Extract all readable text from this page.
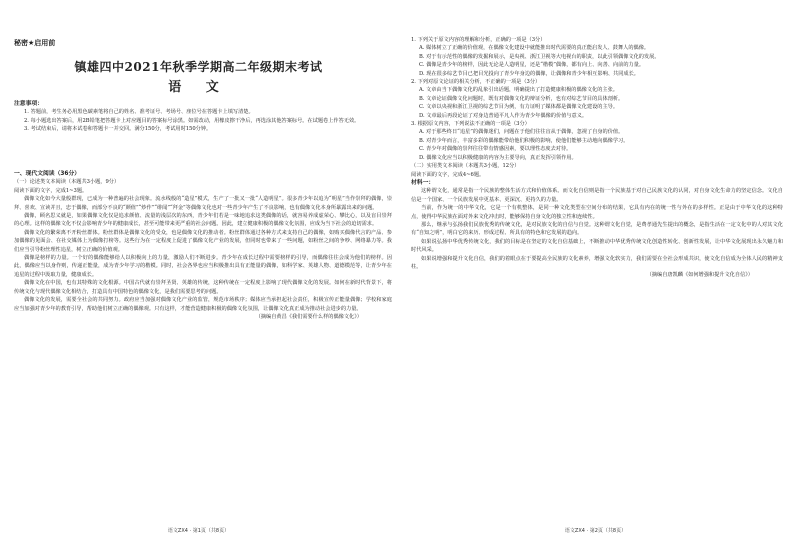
秘密★启用前
镇雄四中2021年秋季学期高二年级期末考试
语 文

注意事项：

1. 答题前，考生务必用黑色碳素笔将自己的姓名、准考证号、考场号、座位号在答题卡上填写清楚。

2. 每小题选出答案后，用2B铅笔把答题卡上对应题目的答案标号涂黑。如需改动，用橡皮擦干净后，再选涂其他答案标号。在试题卷上作答无效。

3. 考试结束后，请将本试卷和答题卡一并交回。满分150分，考试用时150分钟。

一、现代文阅读（36分）

（一）论述类文本阅读（本题共3小题，9分）

阅读下面的文字，完成1~3题。

偶像文化如今大量般群现，已成为一种普遍的社会现象。流水线般的“造星”模式，生产了一批又一批“人造明星”。很多青少年以追为“明星”当作崇拜的偶像，崇拜、喜欢、宣读并且，忠于偶像，而部分不良的“颜值”“炒作”“绯闻”“拜金”等偶像文化也对一些青少年产生了不良影响，也有偶像文化本身所暴露出来的问题。

偶像，顾名思义就是，如果偶像文化仅是追求颜值、流量的浅层次的东西，青少年们若是一味地追求这类偶像的话，就容易养成虚荣心、攀比心，以及盲目崇拜的心理。这样的偶像文化不仅会影响青少年的健康成长，甚至可能带来更严重的社会问题。因此，建立健康积极的偶像文化氛围，应成为当下社会的迫切需求。

偶像文化的繁荣离不开粉丝群体。粉丝群体是偶像文化的受众，也是偶像文化的推动者。粉丝群体通过各种方式来支持自己的偶像，如购买偶像代言的产品、参加偶像的见面会、在社交媒体上为偶像打榜等。这些行为在一定程度上促进了偶像文化产业的发展，但同时也带来了一些问题，如粉丝之间的争吵、网络暴力等。我们应当引导粉丝理性追星，树立正确的价值观。

偶像是榜样的力量。一个好的偶像能够给人以积极向上的力量，激励人们不断进步。青少年在成长过程中需要榜样的引导，而偶像往往会成为他们的榜样。因此，偶像应当以身作则，传递正能量，成为青少年学习的楷模。同时，社会各界也应当积极推出具有正能量的偶像，如科学家、英雄人物、道德模范等，让青少年在追星的过程中汲取力量，健康成长。

偶像文化在中国，也有其特殊的文化根源。中国古代就有崇拜圣贤、英雄的传统，这种传统在一定程度上影响了现代偶像文化的发展。如何在新时代背景下，将传统文化与现代偶像文化相结合，打造具有中国特色的偶像文化，是我们需要思考的问题。

偶像文化的发展，需要全社会的共同努力。政府应当加强对偶像文化产业的监管，规范市场秩序；媒体应当承担起社会责任，积极宣传正能量偶像；学校和家庭应当加强对青少年的教育引导，帮助他们树立正确的偶像观。只有这样，才能营造健康积极的偶像文化氛围，让偶像文化真正成为推动社会进步的力量。

（摘编自黄昌《我们需要什么样的偶像文化》）

语文ZX4 · 第1页（共8页）

1. 下列关于原文内容的理解和分析，正确的一项是（3分）

A. 媒体树立了正确的价值观，在偶像文化建设中就能推出时代需要的真正能启发人、鼓舞人的偶像。

B. 对于有示范性的偶像的发掘和展示，是央视、浙江卫视等大电视台的职责，以此引领偶像文化的发展。

C. 偶像是青少年的榜样，因此无论是人造明星，还是“楷模”偶像，都有向上、向善、向前的力量。

D. 现在很多综艺节目已把目光投向了青少年身边的偶像，让偶像和青少年相互影响、共同成长。

2. 下列对原文论证的相关分析，不正确的一项是（3分）

A. 文章由当下偶像文化的乱象引出话题，明确提出了打造健康积极的偶像文化的主张。

B. 文章论证偶像文化问题时，既有对偶像文化的辩证分析，也有对综艺节目的具体剖析。

C. 文章以央视和浙江卫视的综艺节目为例，有力证明了媒体都是偶像文化建设的主导。

D. 文章最后再段论证了对身边普通平凡人作为青少年偶像的价值与意义。

3. 根据原文内容，下列说法不正确的一项是（3分）

A. 对于那些终日“追星”的偶像迷们，问题在于他们往往盲从于偶像，忽视了自身的价值。

B. 对青少年而言，丰富多彩的偶像能带给他们积极的影响，使他们能够主动地向偶像学习。

C. 青少年对偶像的崇拜往往带有情感因素，要以理性态度去对待。

D. 偶像文化应当以积极健康的内容为主要导向，真正发挥引领作用。

（二）实用类文本阅读（本题共3小题，12分）

阅读下面的文字，完成4~6题。

材料一：

这种谓文化，通常是指一个民族的整体生活方式和价值体系。而文化自信则是指一个民族基于对自己民族文化的认同，对自身文化生命力的坚定信念。文化自信是一个国家、一个民族发展中更基本、更深沉、更持久的力量。

当前，作为统一的中华文化，它是一个有机整体，是同一种文化类型在空间分布的结果，它具有内在的统一性与外在的多样性。正是由于中华文化的这种特点，使得中华民族在面对外来文化冲击时，能够保持自身文化的独立性和连续性。

那么，继承与弘扬我们民族优秀的传统文化，是对民族文化的自信与自觉。这种谓文化自觉，是费孝通先生提出的概念，是指生活在一定文化中的人对其文化有“自知之明”，明白它的来历、形成过程、所具有的特色和它发展的趋向。

如果说弘扬中华优秀传统文化，我们的目标是在坚定的文化自信基础上，不断推动中华优秀传统文化创造性转化、创新性发展，让中华文化展现出永久魅力和时代风采。

如果说增强和提升文化自信，我们的着眼点在于要提高全民族的文化素养，增强文化软实力，我们需要在全社会形成共识，使文化自信成为全体人民的精神支柱。

（摘编自唐凯麟《如何增强和提升文化自信》）

语文ZX4 · 第2页（共8页）
